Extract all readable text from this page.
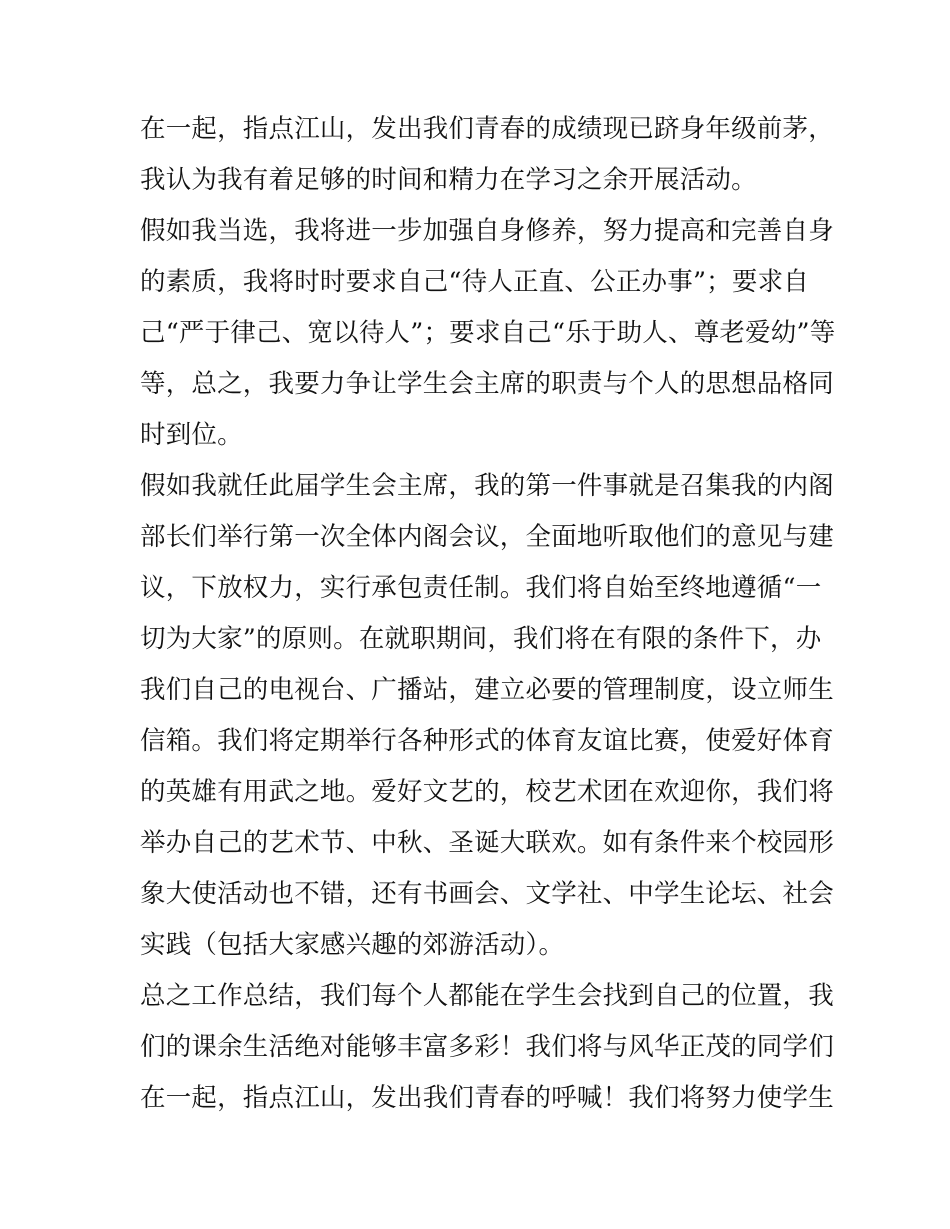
在一起，指点江山，发出我们青春的成绩现已跻身年级前茅，
我认为我有着足够的时间和精力在学习之余开展活动。
假如我当选，我将进一步加强自身修养，努力提高和完善自身
的素质，我将时时要求自己“待人正直、公正办事”；要求自
己“严于律己、宽以待人”；要求自己“乐于助人、尊老爱幼”等
等，总之，我要力争让学生会主席的职责与个人的思想品格同
时到位。
假如我就任此届学生会主席，我的第一件事就是召集我的内阁
部长们举行第一次全体内阁会议，全面地听取他们的意见与建
议，下放权力，实行承包责任制。我们将自始至终地遵循“一
切为大家”的原则。在就职期间，我们将在有限的条件下，办
我们自己的电视台、广播站，建立必要的管理制度，设立师生
信箱。我们将定期举行各种形式的体育友谊比赛，使爱好体育
的英雄有用武之地。爱好文艺的，校艺术团在欢迎你，我们将
举办自己的艺术节、中秋、圣诞大联欢。如有条件来个校园形
象大使活动也不错，还有书画会、文学社、中学生论坛、社会
实践（包括大家感兴趣的郊游活动）。
总之工作总结，我们每个人都能在学生会找到自己的位置，我
们的课余生活绝对能够丰富多彩！我们将与风华正茂的同学们
在一起，指点江山，发出我们青春的呼喊！我们将努力使学生
